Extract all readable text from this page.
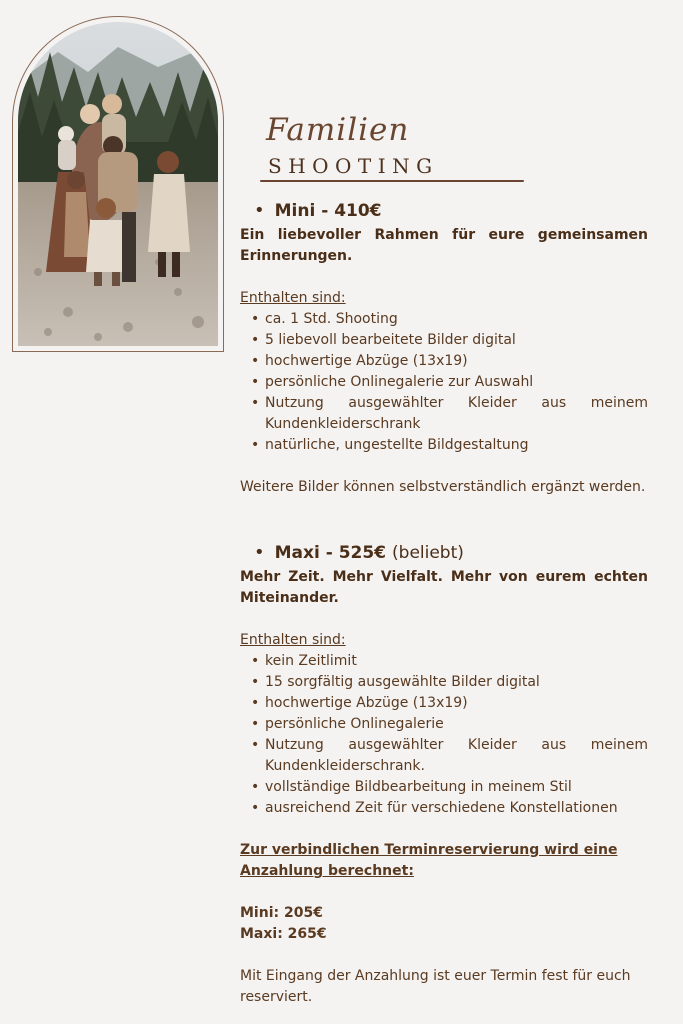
Familien
SHOOTING
• Mini - 410€
Ein liebevoller Rahmen für eure gemeinsamen Erinnerungen.
Enthalten sind:
• ca. 1 Std. Shooting
• 5 liebevoll bearbeitete Bilder digital
• hochwertige Abzüge (13x19)
• persönliche Onlinegalerie zur Auswahl
• Nutzung ausgewählter Kleider aus meinem Kundenkleiderschrank
• natürliche, ungestellte Bildgestaltung
Weitere Bilder können selbstverständlich ergänzt werden.
• Maxi - 525€ (beliebt)
Mehr Zeit. Mehr Vielfalt. Mehr von eurem echten Miteinander.
Enthalten sind:
• kein Zeitlimit
• 15 sorgfältig ausgewählte Bilder digital
• hochwertige Abzüge (13x19)
• persönliche Onlinegalerie
• Nutzung ausgewählter Kleider aus meinem Kundenkleiderschrank.
• vollständige Bildbearbeitung in meinem Stil
• ausreichend Zeit für verschiedene Konstellationen
Zur verbindlichen Terminreservierung wird eine Anzahlung berechnet:
Mini: 205€
Maxi: 265€
Mit Eingang der Anzahlung ist euer Termin fest für euch reserviert.
